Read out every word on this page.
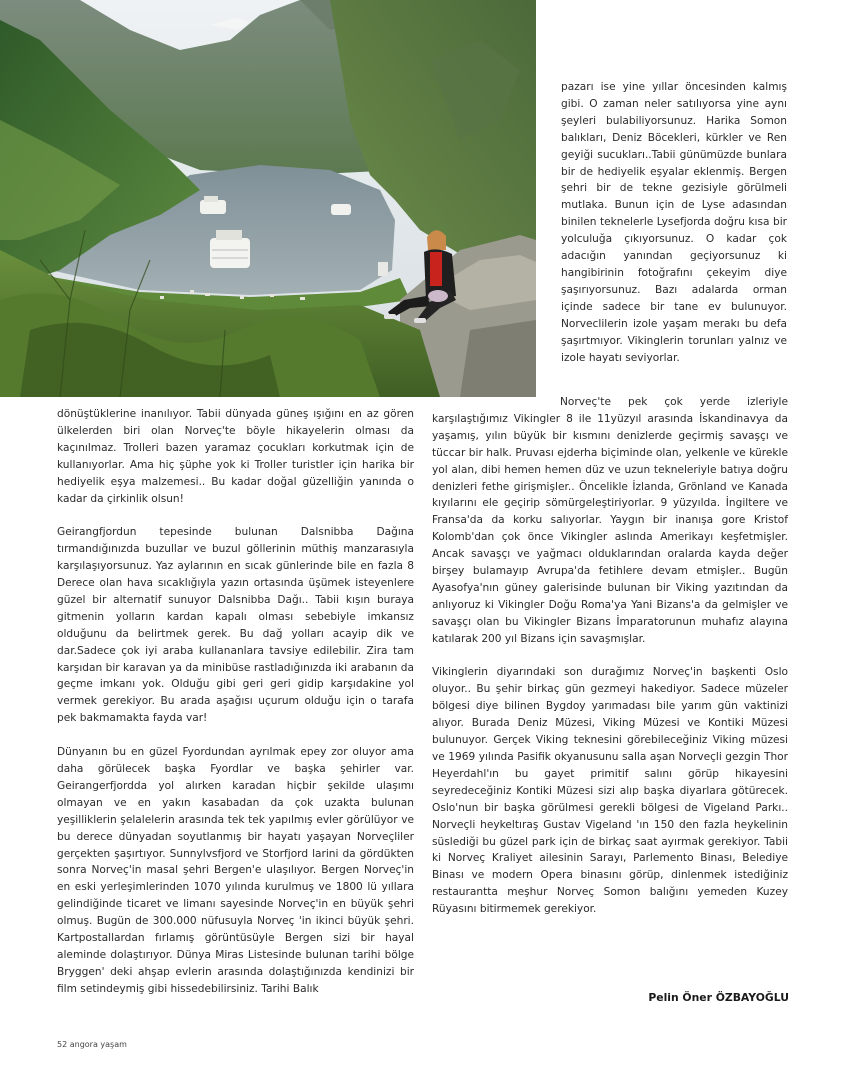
pazarı ise yine yıllar öncesinden kalmış gibi. O zaman neler satılıyorsa yine aynı şeyleri bulabiliyorsunuz. Harika Somon balıkları, Deniz Böcekleri, kürkler ve Ren geyiği sucukları..Tabii günümüzde bunlara bir de hediyelik eşyalar eklenmiş. Bergen şehri bir de tekne gezisiyle görülmeli mutlaka. Bunun için de Lyse adasından binilen teknelerle Lysefjorda doğru kısa bir yolculuğa çıkıyorsunuz. O kadar çok adacığın yanından geçiyorsunuz ki hangibirinin fotoğrafını çekeyim diye şaşırıyorsunuz. Bazı adalarda orman içinde sadece bir tane ev bulunuyor. Norveclilerin izole yaşam merakı bu defa şaşırtmıyor. Vikinglerin torunları yalnız ve izole hayatı seviyorlar.

dönüştüklerine inanılıyor. Tabii dünyada güneş ışığını en az gören ülkelerden biri olan Norveç'te böyle hikayelerin olması da kaçınılmaz. Trolleri bazen yaramaz çocukları korkutmak için de kullanıyorlar. Ama hiç şüphe yok ki Troller turistler için harika bir hediyelik eşya malzemesi.. Bu kadar doğal güzelliğin yanında o kadar da çirkinlik olsun!

Geirangfjordun tepesinde bulunan Dalsnibba Dağına tırmandığınızda buzullar ve buzul göllerinin müthiş manzarasıyla karşılaşıyorsunuz. Yaz aylarının en sıcak günlerinde bile en fazla 8 Derece olan hava sıcaklığıyla yazın ortasında üşümek isteyenlere güzel bir alternatif sunuyor Dalsnibba Dağı.. Tabii kışın buraya gitmenin yolların kardan kapalı olması sebebiyle imkansız olduğunu da belirtmek gerek. Bu dağ yolları acayip dik ve dar.Sadece çok iyi araba kullananlara tavsiye edilebilir. Zira tam karşıdan bir karavan ya da minibüse rastladığınızda iki arabanın da geçme imkanı yok. Olduğu gibi geri geri gidip karşıdakine yol vermek gerekiyor. Bu arada aşağısı uçurum olduğu için o tarafa pek bakmamakta fayda var!

Dünyanın bu en güzel Fyordundan ayrılmak epey zor oluyor ama daha görülecek başka Fyordlar ve başka şehirler var. Geirangerfjordda yol alırken karadan hiçbir şekilde ulaşımı olmayan ve en yakın kasabadan da çok uzakta bulunan yeşilliklerin şelalelerin arasında tek tek yapılmış evler görülüyor ve bu derece dünyadan soyutlanmış bir hayatı yaşayan Norveçliler gerçekten şaşırtıyor. Sunnylvsfjord ve Storfjord larini da gördükten sonra Norveç'in masal şehri Bergen'e ulaşılıyor. Bergen Norveç'in en eski yerleşimlerinden 1070 yılında kurulmuş ve 1800 lü yıllara gelindiğinde ticaret ve limanı sayesinde Norveç'in en büyük şehri olmuş. Bugün de 300.000 nüfusuyla Norveç 'in ikinci büyük şehri. Kartpostallardan fırlamış görüntüsüyle Bergen sizi bir hayal aleminde dolaştırıyor. Dünya Miras Listesinde bulunan tarihi bölge Bryggen' deki ahşap evlerin arasında dolaştığınızda kendinizi bir film setindeymiş gibi hissedebilirsiniz. Tarihi Balık

Norveç'te pek çok yerde izleriyle karşılaştığımız Vikingler 8 ile 11yüzyıl arasında İskandinavya da yaşamış, yılın büyük bir kısmını denizlerde geçirmiş savaşçı ve tüccar bir halk. Pruvası ejderha biçiminde olan, yelkenle ve kürekle yol alan, dibi hemen hemen düz ve uzun tekneleriyle batıya doğru denizleri fethe girişmişler.. Öncelikle İzlanda, Grönland ve Kanada kıyılarını ele geçirip sömürgeleştiriyorlar. 9 yüzyılda. İngiltere ve Fransa'da da korku salıyorlar. Yaygın bir inanışa gore Kristof Kolomb'dan çok önce Vikingler aslında Amerikayı keşfetmişler. Ancak savaşçı ve yağmacı olduklarından oralarda kayda değer birşey bulamayıp Avrupa'da fetihlere devam etmişler.. Bugün Ayasofya'nın güney galerisinde bulunan bir Viking yazıtından da anlıyoruz ki Vikingler Doğu Roma'ya Yani Bizans'a da gelmişler ve savaşçı olan bu Vikingler Bizans İmparatorunun muhafız alayına katılarak 200 yıl Bizans için savaşmışlar.

Vikinglerin diyarındaki son durağımız Norveç'in başkenti Oslo oluyor.. Bu şehir birkaç gün gezmeyi hakediyor. Sadece müzeler bölgesi diye bilinen Bygdoy yarımadası bile yarım gün vaktinizi alıyor. Burada Deniz Müzesi, Viking Müzesi ve Kontiki Müzesi bulunuyor. Gerçek Viking teknesini görebileceğiniz Viking müzesi ve 1969 yılında Pasifik okyanusunu salla aşan Norveçli gezgin Thor Heyerdahl'ın bu gayet primitif salını görüp hikayesini seyredeceğiniz Kontiki Müzesi sizi alıp başka diyarlara götürecek. Oslo'nun bir başka görülmesi gerekli bölgesi de Vigeland Parkı.. Norveçli heykeltıraş Gustav Vigeland 'ın 150 den fazla heykelinin süslediği bu güzel park için de birkaç saat ayırmak gerekiyor. Tabii ki Norveç Kraliyet ailesinin Sarayı, Parlemento Binası, Belediye Binası ve modern Opera binasını görüp, dinlenmek istediğiniz restaurantta meşhur Norveç Somon balığını yemeden Kuzey Rüyasını bitirmemek gerekiyor.

Pelin Öner ÖZBAYOĞLU
52 angora yaşam
